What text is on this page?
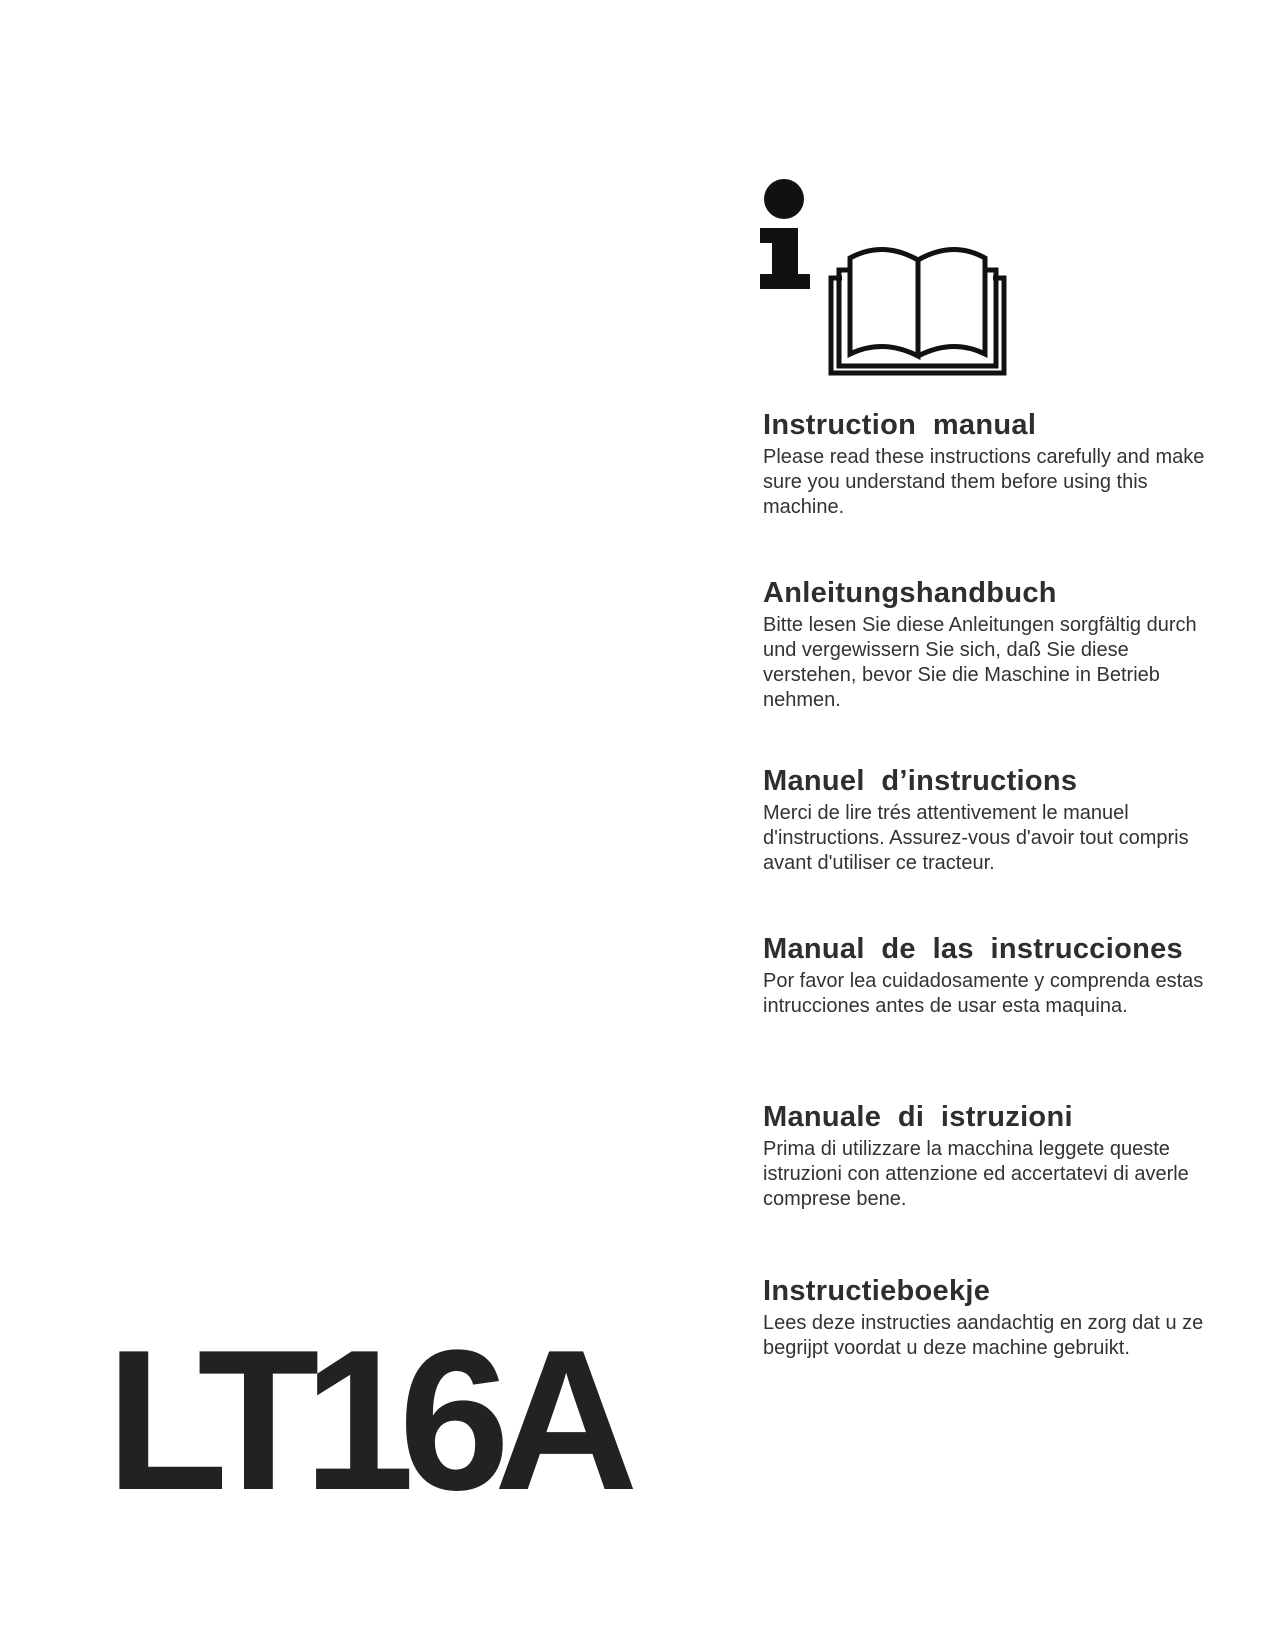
Instruction  manual

Please read these instructions carefully and make sure you understand them before using this machine.

Anleitungshandbuch

Bitte lesen Sie diese Anleitungen sorgfältig durch und vergewissern Sie sich, daß Sie diese verstehen, bevor Sie die Maschine in Betrieb nehmen.

Manuel  d’instructions

Merci de lire trés attentivement le manuel d'instructions. Assurez-vous d'avoir tout compris avant d'utiliser ce tracteur.

Manual  de  las  instrucciones

Por favor lea cuidadosamente y comprenda estas intrucciones antes de usar esta maquina.

Manuale  di  istruzioni

Prima di utilizzare la macchina leggete queste istruzioni con attenzione ed accertatevi di averle comprese bene.

Instructieboekje

Lees deze instructies aandachtig en zorg dat u ze begrijpt voordat u deze machine gebruikt.

LT16A
